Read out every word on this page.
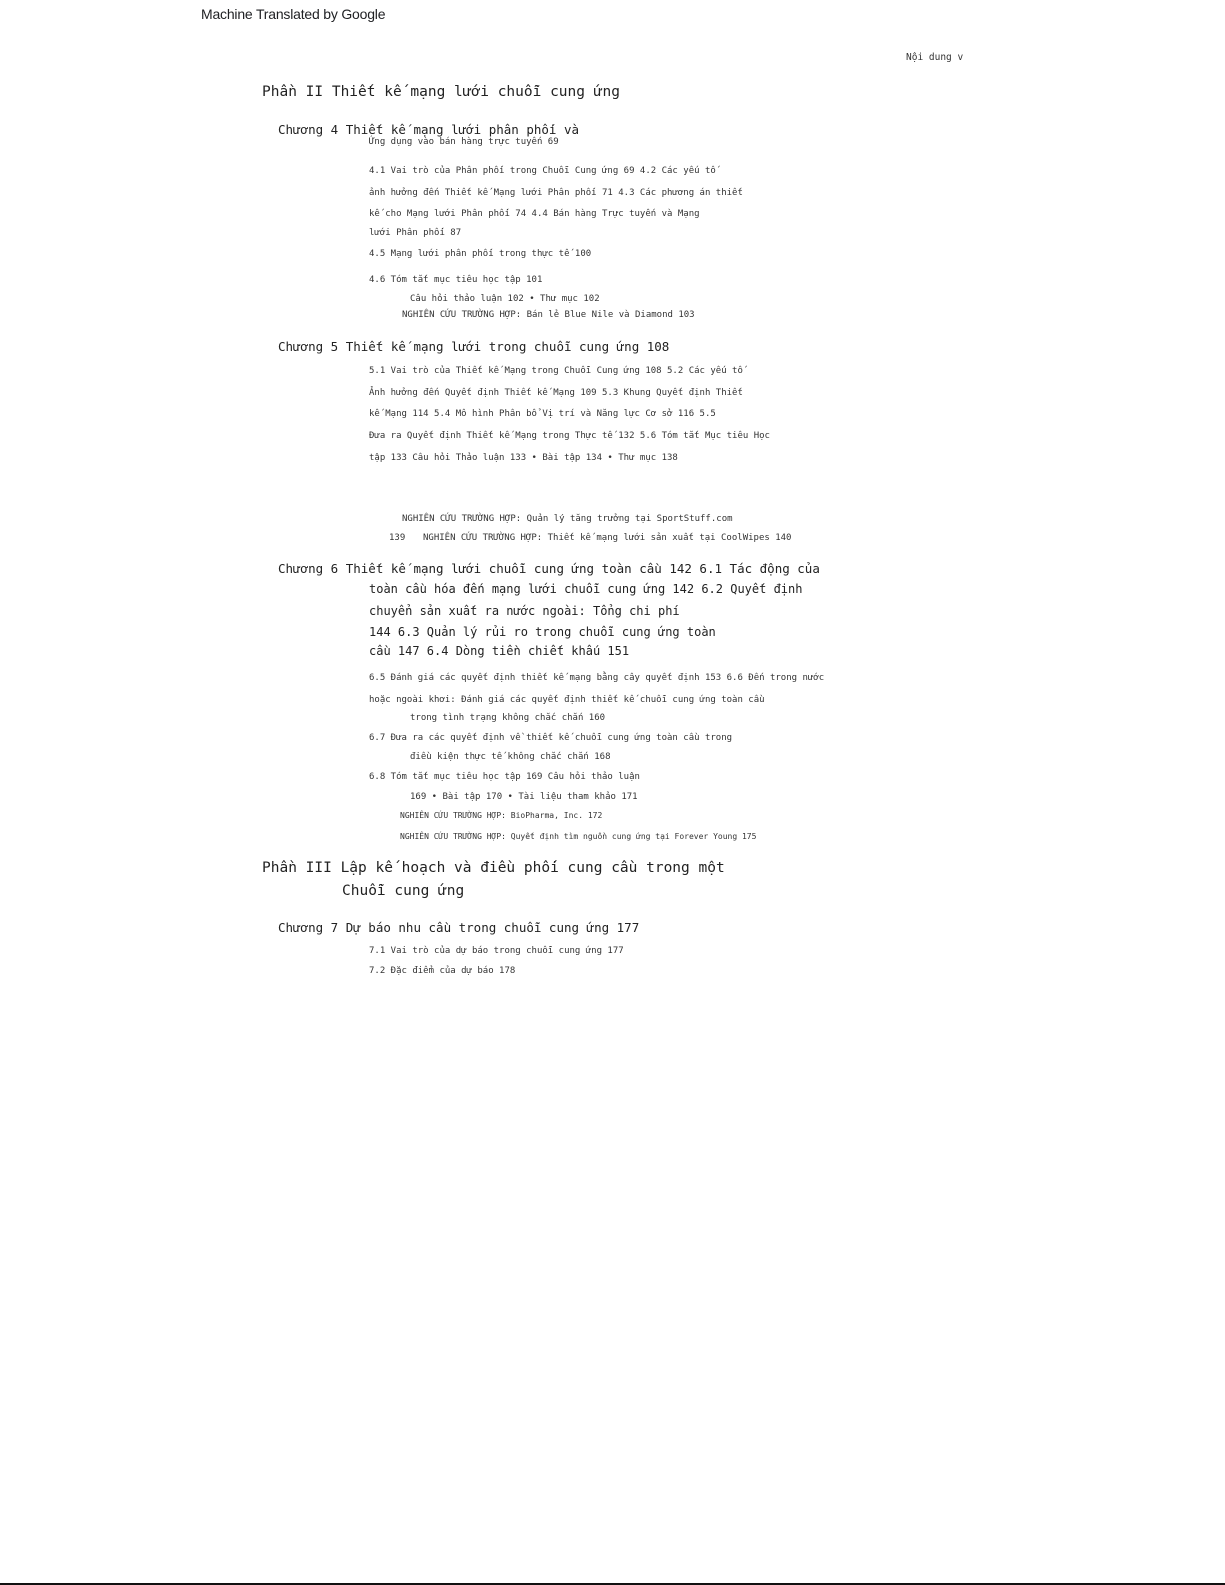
Machine Translated by Google
Nội dung v
Phần II Thiết kế mạng lưới chuỗi cung ứng
Chương 4 Thiết kế mạng lưới phân phối và
Ứng dụng vào bán hàng trực tuyến 69
4.1 Vai trò của Phân phối trong Chuỗi Cung ứng 69 4.2 Các yếu tố
ảnh hưởng đến Thiết kế Mạng lưới Phân phối 71 4.3 Các phương án thiết
kế cho Mạng lưới Phân phối 74 4.4 Bán hàng Trực tuyến và Mạng
lưới Phân phối 87
4.5 Mạng lưới phân phối trong thực tế 100
4.6 Tóm tắt mục tiêu học tập 101
Câu hỏi thảo luận 102 • Thư mục 102
NGHIÊN CỨU TRƯỜNG HỢP: Bán lẻ Blue Nile và Diamond 103
Chương 5 Thiết kế mạng lưới trong chuỗi cung ứng 108
5.1 Vai trò của Thiết kế Mạng trong Chuỗi Cung ứng 108 5.2 Các yếu tố
Ảnh hưởng đến Quyết định Thiết kế Mạng 109 5.3 Khung Quyết định Thiết
kế Mạng 114 5.4 Mô hình Phân bổ Vị trí và Năng lực Cơ sở 116 5.5
Đưa ra Quyết định Thiết kế Mạng trong Thực tế 132 5.6 Tóm tắt Mục tiêu Học
tập 133 Câu hỏi Thảo luận 133 • Bài tập 134 • Thư mục 138
NGHIÊN CỨU TRƯỜNG HỢP: Quản lý tăng trưởng tại SportStuff.com
139 NGHIÊN CỨU TRƯỜNG HỢP: Thiết kế mạng lưới sản xuất tại CoolWipes 140
Chương 6 Thiết kế mạng lưới chuỗi cung ứng toàn cầu 142 6.1 Tác động của
toàn cầu hóa đến mạng lưới chuỗi cung ứng 142 6.2 Quyết định
chuyển sản xuất ra nước ngoài: Tổng chi phí
144 6.3 Quản lý rủi ro trong chuỗi cung ứng toàn
cầu 147 6.4 Dòng tiền chiết khấu 151
6.5 Đánh giá các quyết định thiết kế mạng bằng cây quyết định 153 6.6 Đến trong nước
hoặc ngoài khơi: Đánh giá các quyết định thiết kế chuỗi cung ứng toàn cầu
trong tình trạng không chắc chắn 160
6.7 Đưa ra các quyết định về thiết kế chuỗi cung ứng toàn cầu trong
điều kiện thực tế không chắc chắn 168
6.8 Tóm tắt mục tiêu học tập 169 Câu hỏi thảo luận
169 • Bài tập 170 • Tài liệu tham khảo 171
NGHIÊN CỨU TRƯỜNG HỢP: BioPharma, Inc. 172
NGHIÊN CỨU TRƯỜNG HỢP: Quyết định tìm nguồn cung ứng tại Forever Young 175
Phần III Lập kế hoạch và điều phối cung cầu trong một
Chuỗi cung ứng
Chương 7 Dự báo nhu cầu trong chuỗi cung ứng 177
7.1 Vai trò của dự báo trong chuỗi cung ứng 177
7.2 Đặc điểm của dự báo 178
